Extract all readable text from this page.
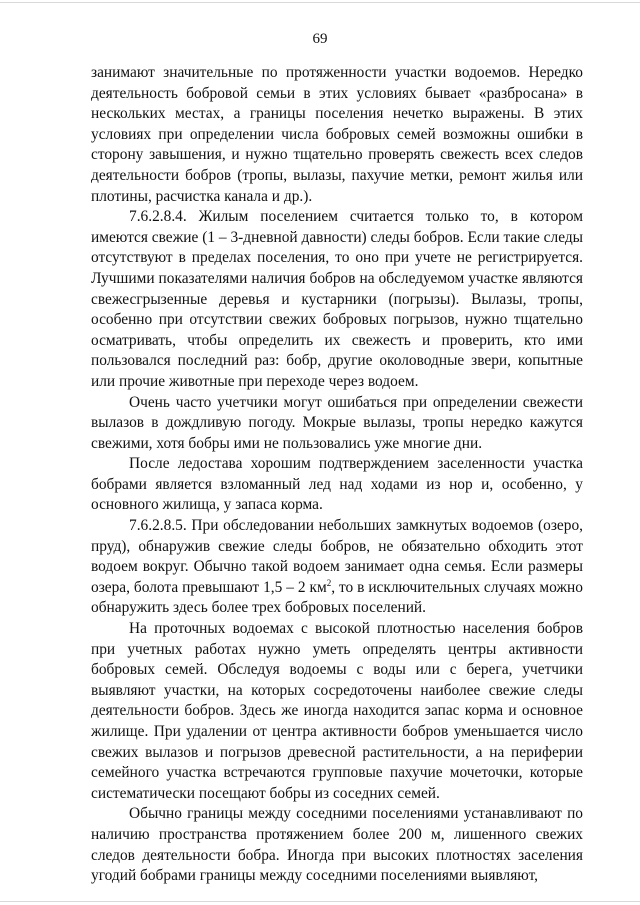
69

занимают значительные по протяженности участки водоемов. Нередко деятельность бобровой семьи в этих условиях бывает «разбросана» в нескольких местах, а границы поселения нечетко выражены. В этих условиях при определении числа бобровых семей возможны ошибки в сторону завышения, и нужно тщательно проверять свежесть всех следов деятельности бобров (тропы, вылазы, пахучие метки, ремонт жилья или плотины, расчистка канала и др.).

7.6.2.8.4. Жилым поселением считается только то, в котором имеются свежие (1 – 3-дневной давности) следы бобров. Если такие следы отсутствуют в пределах поселения, то оно при учете не регистрируется. Лучшими показателями наличия бобров на обследуемом участке являются свежесгрызенные деревья и кустарники (погрызы). Вылазы, тропы, особенно при отсутствии свежих бобровых погрызов, нужно тщательно осматривать, чтобы определить их свежесть и проверить, кто ими пользовался последний раз: бобр, другие околоводные звери, копытные или прочие животные при переходе через водоем.

Очень часто учетчики могут ошибаться при определении свежести вылазов в дождливую погоду. Мокрые вылазы, тропы нередко кажутся свежими, хотя бобры ими не пользовались уже многие дни.

После ледостава хорошим подтверждением заселенности участка бобрами является взломанный лед над ходами из нор и, особенно, у основного жилища, у запаса корма.

7.6.2.8.5. При обследовании небольших замкнутых водоемов (озеро, пруд), обнаружив свежие следы бобров, не обязательно обходить этот водоем вокруг. Обычно такой водоем занимает одна семья. Если размеры озера, болота превышают 1,5 – 2 $км^2$, то в исключительных случаях можно обнаружить здесь более трех бобровых поселений.

На проточных водоемах с высокой плотностью населения бобров при учетных работах нужно уметь определять центры активности бобровых семей. Обследуя водоемы с воды или с берега, учетчики выявляют участки, на которых сосредоточены наиболее свежие следы деятельности бобров. Здесь же иногда находится запас корма и основное жилище. При удалении от центра активности бобров уменьшается число свежих вылазов и погрызов древесной растительности, а на периферии семейного участка встречаются групповые пахучие мочеточки, которые систематически посещают бобры из соседних семей.

Обычно границы между соседними поселениями устанавливают по наличию пространства протяжением более 200 м, лишенного свежих следов деятельности бобра. Иногда при высоких плотностях заселения угодий бобрами границы между соседними поселениями выявляют,
